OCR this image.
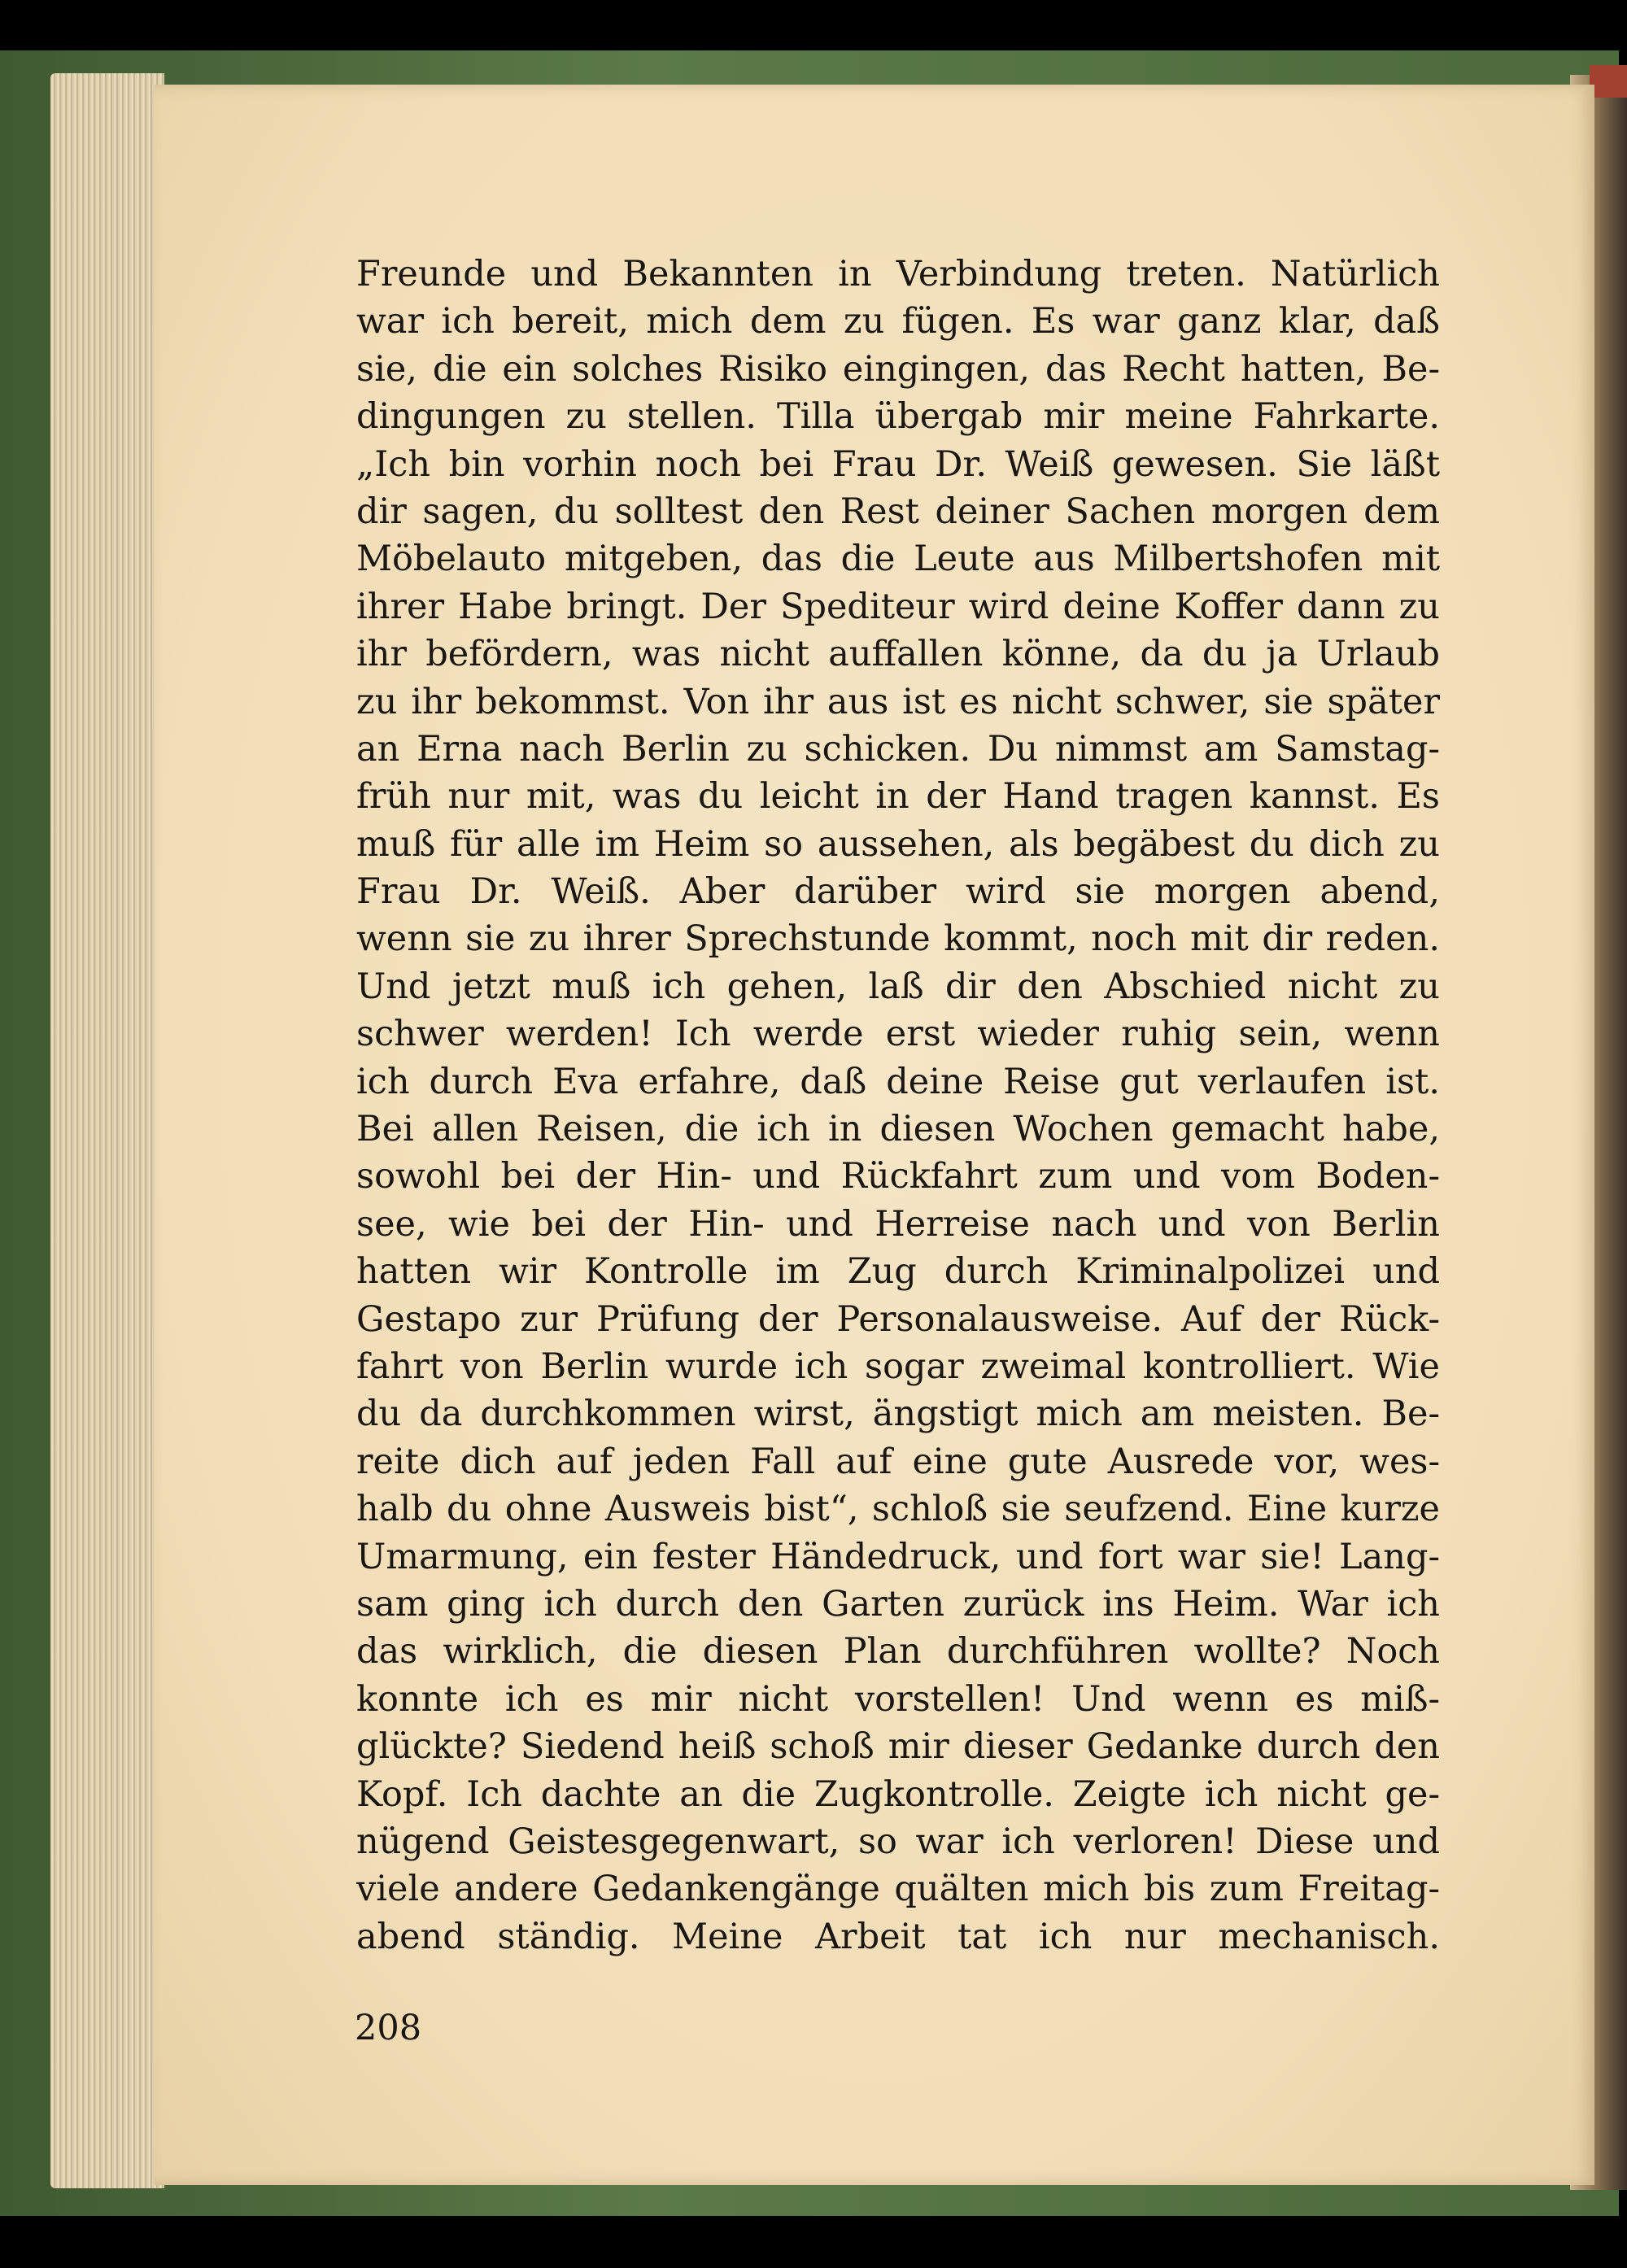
Freunde und Bekannten in Verbindung treten. Natürlich
war ich bereit, mich dem zu fügen. Es war ganz klar, daß
sie, die ein solches Risiko eingingen, das Recht hatten, Be-
dingungen zu stellen. Tilla übergab mir meine Fahrkarte.
„Ich bin vorhin noch bei Frau Dr. Weiß gewesen. Sie läßt
dir sagen, du solltest den Rest deiner Sachen morgen dem
Möbelauto mitgeben, das die Leute aus Milbertshofen mit
ihrer Habe bringt. Der Spediteur wird deine Koffer dann zu
ihr befördern, was nicht auffallen könne, da du ja Urlaub
zu ihr bekommst. Von ihr aus ist es nicht schwer, sie später
an Erna nach Berlin zu schicken. Du nimmst am Samstag-
früh nur mit, was du leicht in der Hand tragen kannst. Es
muß für alle im Heim so aussehen, als begäbest du dich zu
Frau Dr. Weiß. Aber darüber wird sie morgen abend,
wenn sie zu ihrer Sprechstunde kommt, noch mit dir reden.
Und jetzt muß ich gehen, laß dir den Abschied nicht zu
schwer werden! Ich werde erst wieder ruhig sein, wenn
ich durch Eva erfahre, daß deine Reise gut verlaufen ist.
Bei allen Reisen, die ich in diesen Wochen gemacht habe,
sowohl bei der Hin- und Rückfahrt zum und vom Boden-
see, wie bei der Hin- und Herreise nach und von Berlin
hatten wir Kontrolle im Zug durch Kriminalpolizei und
Gestapo zur Prüfung der Personalausweise. Auf der Rück-
fahrt von Berlin wurde ich sogar zweimal kontrolliert. Wie
du da durchkommen wirst, ängstigt mich am meisten. Be-
reite dich auf jeden Fall auf eine gute Ausrede vor, wes-
halb du ohne Ausweis bist“, schloß sie seufzend. Eine kurze
Umarmung, ein fester Händedruck, und fort war sie! Lang-
sam ging ich durch den Garten zurück ins Heim. War ich
das wirklich, die diesen Plan durchführen wollte? Noch
konnte ich es mir nicht vorstellen! Und wenn es miß-
glückte? Siedend heiß schoß mir dieser Gedanke durch den
Kopf. Ich dachte an die Zugkontrolle. Zeigte ich nicht ge-
nügend Geistesgegenwart, so war ich verloren! Diese und
viele andere Gedankengänge quälten mich bis zum Freitag-
abend ständig. Meine Arbeit tat ich nur mechanisch.
208
